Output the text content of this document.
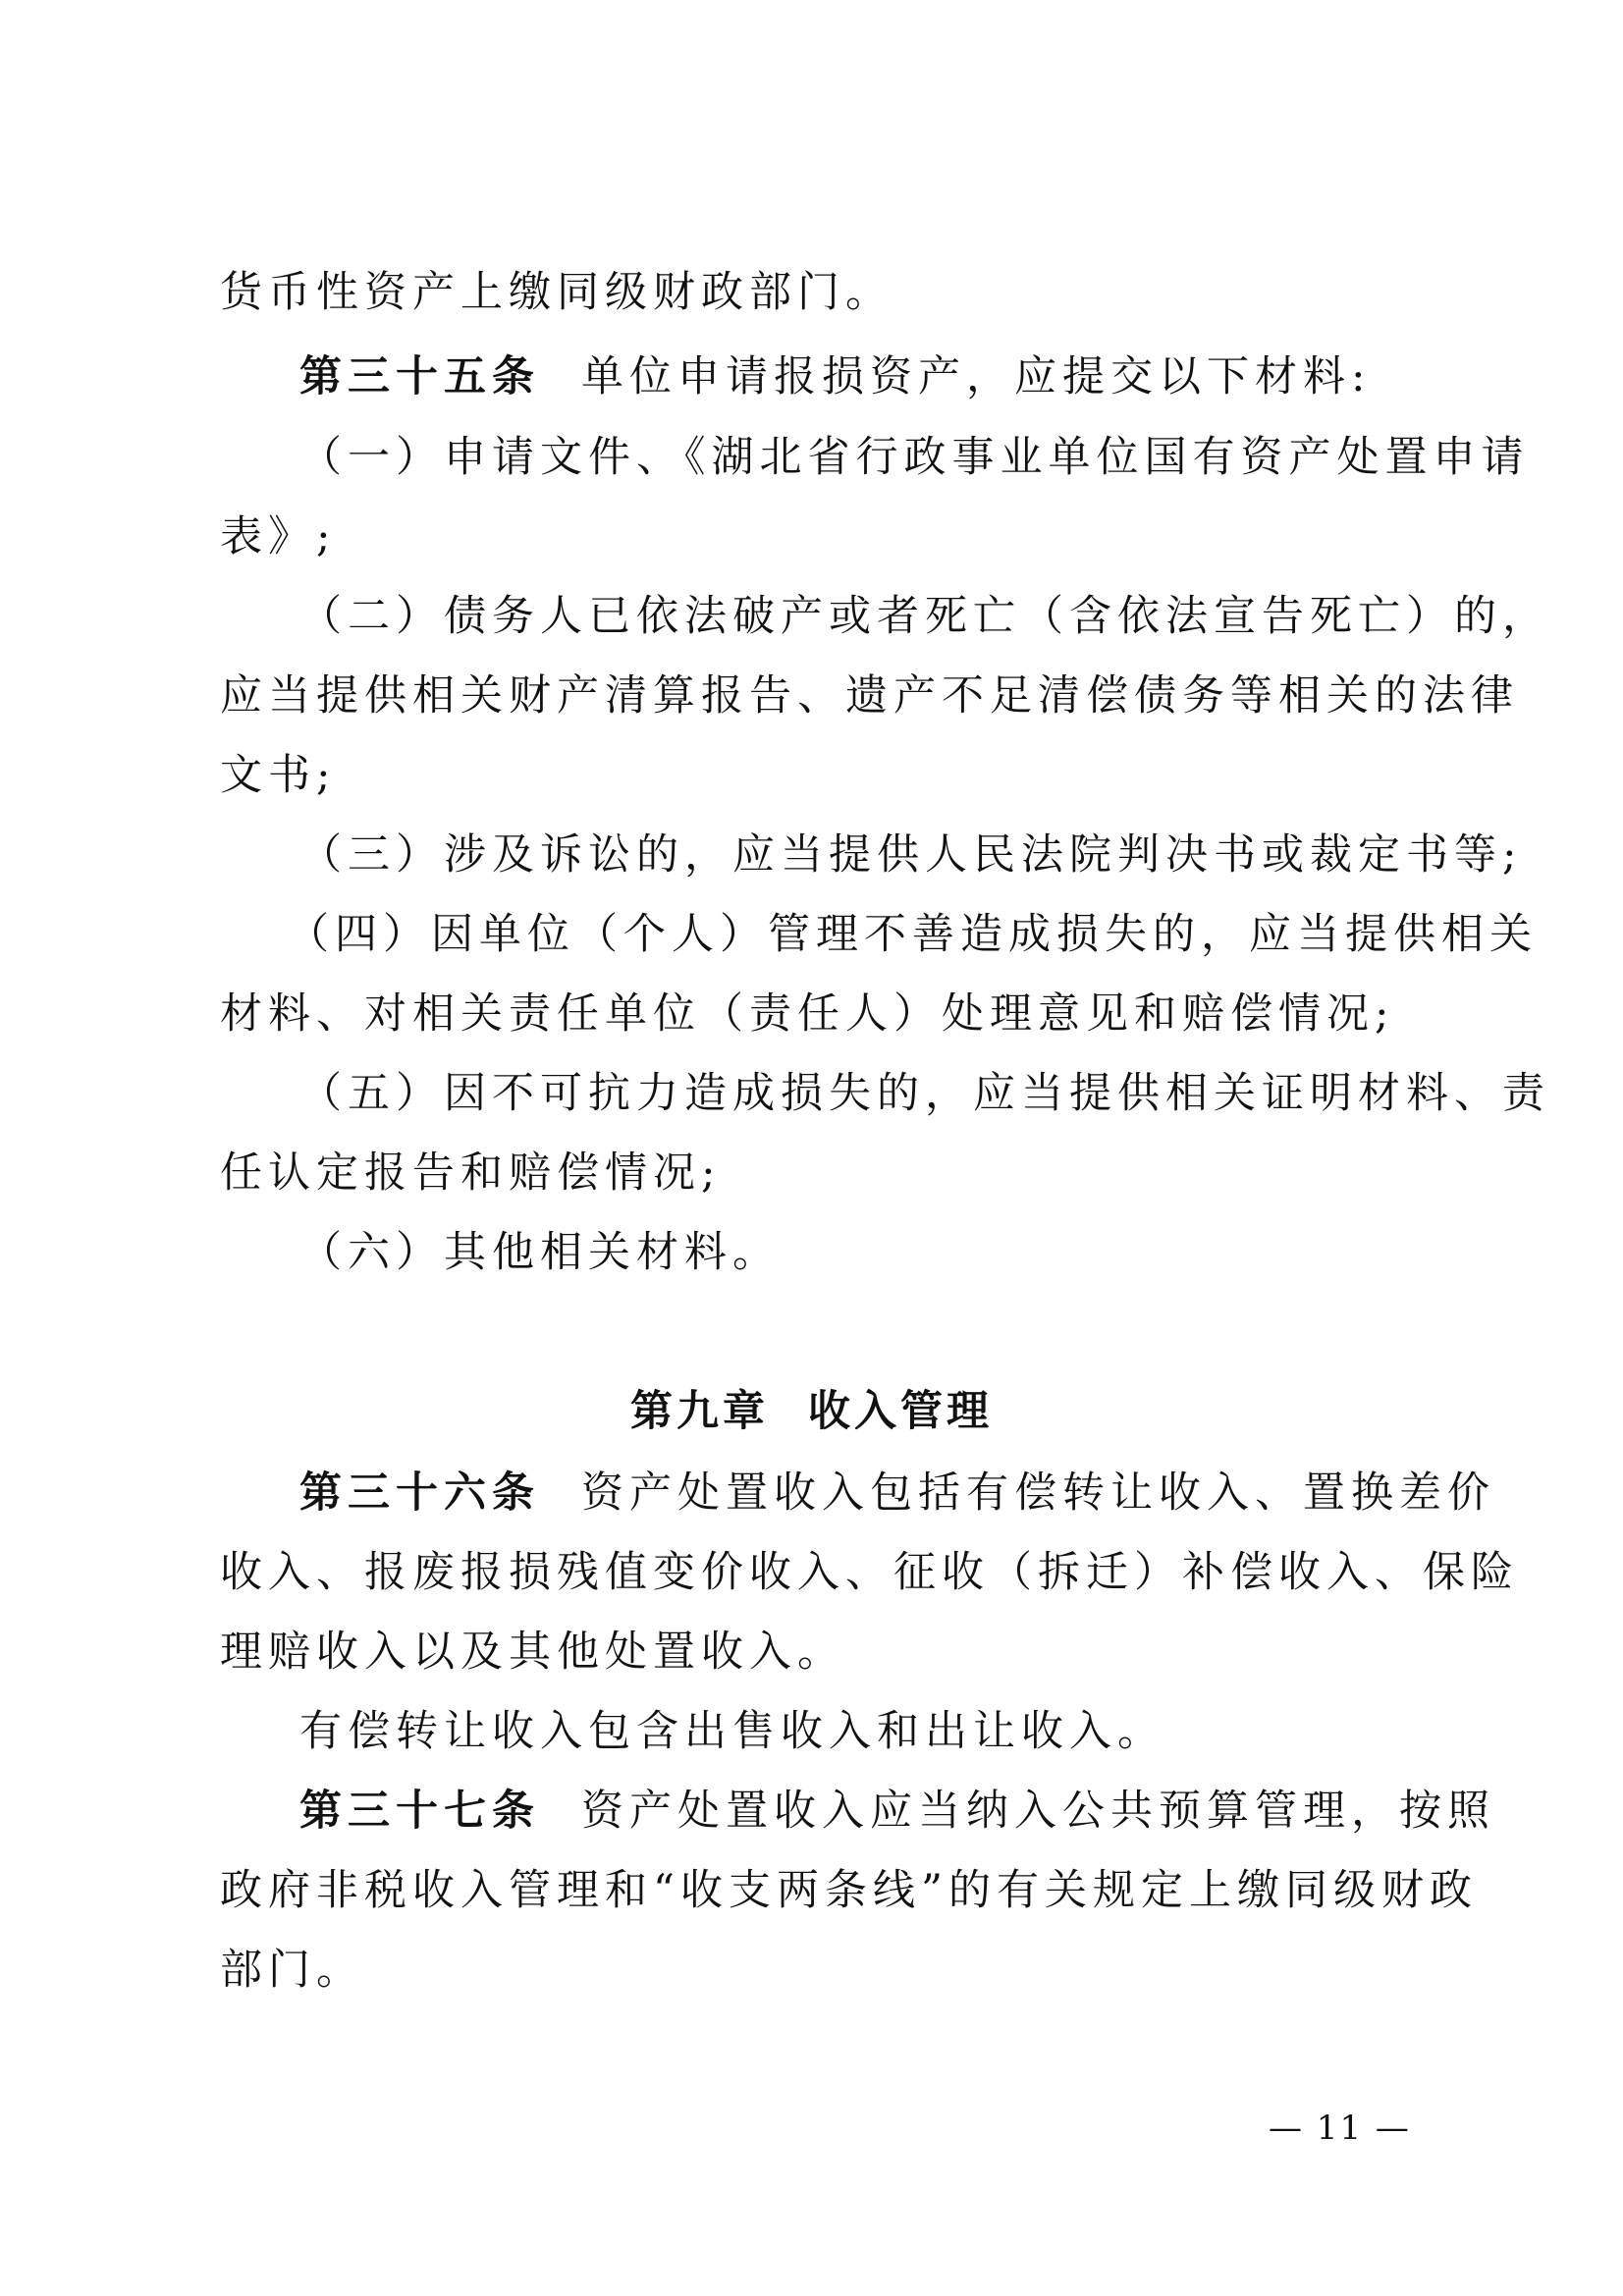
货币性资产上缴同级财政部门。
第三十五条 单位申请报损资产，应提交以下材料:
（一）申请文件、《湖北省行政事业单位国有资产处置申请
表》;
（二）债务人已依法破产或者死亡（含依法宣告死亡）的，
应当提供相关财产清算报告、遗产不足清偿债务等相关的法律
文书;
（三）涉及诉讼的，应当提供人民法院判决书或裁定书等;
（四）因单位（个人）管理不善造成损失的，应当提供相关
材料、对相关责任单位（责任人）处理意见和赔偿情况;
（五）因不可抗力造成损失的，应当提供相关证明材料、责
任认定报告和赔偿情况;
（六）其他相关材料。
第九章 收入管理
第三十六条 资产处置收入包括有偿转让收入、置换差价
收入、报废报损残值变价收入、征收（拆迁）补偿收入、保险
理赔收入以及其他处置收入。
有偿转让收入包含出售收入和出让收入。
第三十七条 资产处置收入应当纳入公共预算管理，按照
政府非税收入管理和“收支两条线”的有关规定上缴同级财政
部门。
— 11 —
